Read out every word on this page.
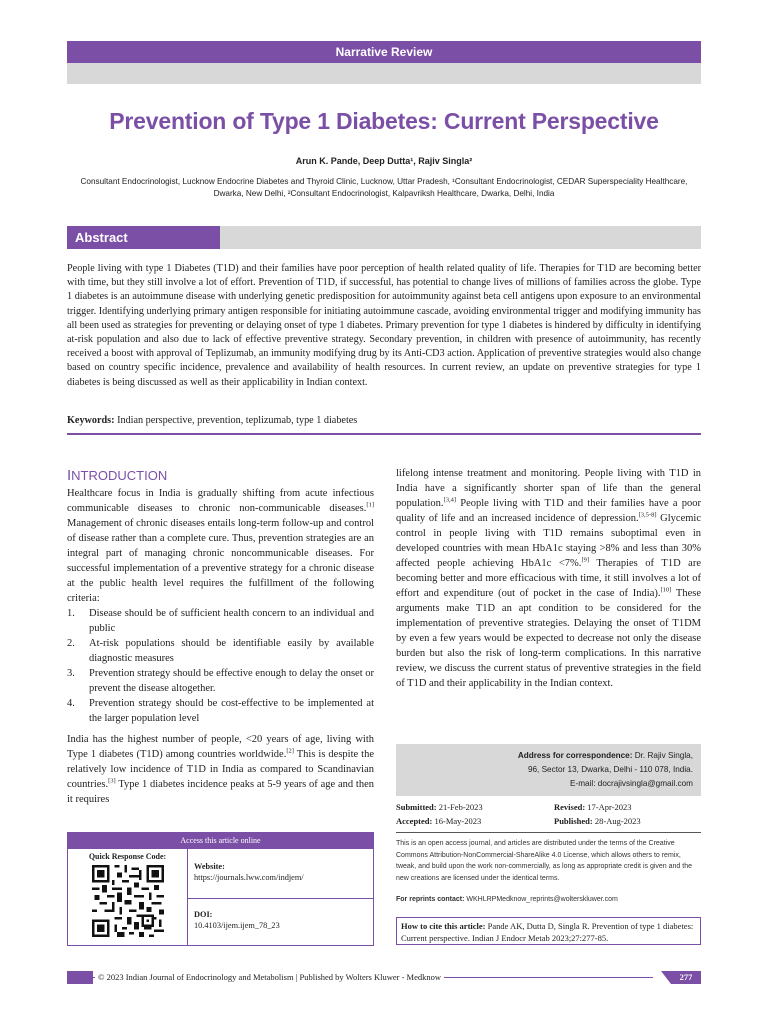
Narrative Review
Prevention of Type 1 Diabetes: Current Perspective
Arun K. Pande, Deep Dutta¹, Rajiv Singla²
Consultant Endocrinologist, Lucknow Endocrine Diabetes and Thyroid Clinic, Lucknow, Uttar Pradesh, ¹Consultant Endocrinologist, CEDAR Superspeciality Healthcare, Dwarka, New Delhi, ²Consultant Endocrinologist, Kalpavriksh Healthcare, Dwarka, Delhi, India
Abstract

People living with type 1 Diabetes (T1D) and their families have poor perception of health related quality of life. Therapies for T1D are becoming better with time, but they still involve a lot of effort. Prevention of T1D, if successful, has potential to change lives of millions of families across the globe. Type 1 diabetes is an autoimmune disease with underlying genetic predisposition for autoimmunity against beta cell antigens upon exposure to an environmental trigger. Identifying underlying primary antigen responsible for initiating autoimmune cascade, avoiding environmental trigger and modifying immunity has all been used as strategies for preventing or delaying onset of type 1 diabetes. Primary prevention for type 1 diabetes is hindered by difficulty in identifying at-risk population and also due to lack of effective preventive strategy. Secondary prevention, in children with presence of autoimmunity, has recently received a boost with approval of Teplizumab, an immunity modifying drug by its Anti-CD3 action. Application of preventive strategies would also change based on country specific incidence, prevalence and availability of health resources. In current review, an update on preventive strategies for type 1 diabetes is being discussed as well as their applicability in Indian context.

Keywords: Indian perspective, prevention, teplizumab, type 1 diabetes
INTRODUCTION

Healthcare focus in India is gradually shifting from acute infectious communicable diseases to chronic non-communicable diseases.[1] Management of chronic diseases entails long-term follow-up and control of disease rather than a complete cure. Thus, prevention strategies are an integral part of managing chronic noncommunicable diseases. For successful implementation of a preventive strategy for a chronic disease at the public health level requires the fulfillment of the following criteria:

1. Disease should be of sufficient health concern to an individual and public
2. At-risk populations should be identifiable easily by available diagnostic measures
3. Prevention strategy should be effective enough to delay the onset or prevent the disease altogether.
4. Prevention strategy should be cost-effective to be implemented at the larger population level

India has the highest number of people, <20 years of age, living with Type 1 diabetes (T1D) among countries worldwide.[2] This is despite the relatively low incidence of T1D in India as compared to Scandinavian countries.[3] Type 1 diabetes incidence peaks at 5-9 years of age and then it requires

lifelong intense treatment and monitoring. People living with T1D in India have a significantly shorter span of life than the general population.[3,4] People living with T1D and their families have a poor quality of life and an increased incidence of depression.[3,5-8] Glycemic control in people living with T1D remains suboptimal even in developed countries with mean HbA1c staying >8% and less than 30% affected people achieving HbA1c <7%.[9] Therapies of T1D are becoming better and more efficacious with time, it still involves a lot of effort and expenditure (out of pocket in the case of India).[10] These arguments make T1D an apt condition to be considered for the implementation of preventive strategies. Delaying the onset of T1DM by even a few years would be expected to decrease not only the disease burden but also the risk of long-term complications. In this narrative review, we discuss the current status of preventive strategies in the field of T1D and their applicability in the Indian context.

Access this article online
Quick Response Code:
Website:
https://journals.lww.com/indjem/
DOI:
10.4103/ijem.ijem_78_23
Address for correspondence: Dr. Rajiv Singla,
96, Sector 13, Dwarka, Delhi - 110 078, India.
E-mail: docrajivsingla@gmail.com
Submitted: 21-Feb-2023	Revised: 17-Apr-2023
Accepted: 16-May-2023	Published: 28-Aug-2023

This is an open access journal, and articles are distributed under the terms of the Creative Commons Attribution-NonCommercial-ShareAlike 4.0 License, which allows others to remix, tweak, and build upon the work non-commercially, as long as appropriate credit is given and the new creations are licensed under the identical terms.

For reprints contact: WKHLRPMedknow_reprints@wolterskluwer.com
How to cite this article: Pande AK, Dutta D, Singla R. Prevention of type 1 diabetes: Current perspective. Indian J Endocr Metab 2023;27:277-85.
© 2023 Indian Journal of Endocrinology and Metabolism | Published by Wolters Kluwer - Medknow	277
